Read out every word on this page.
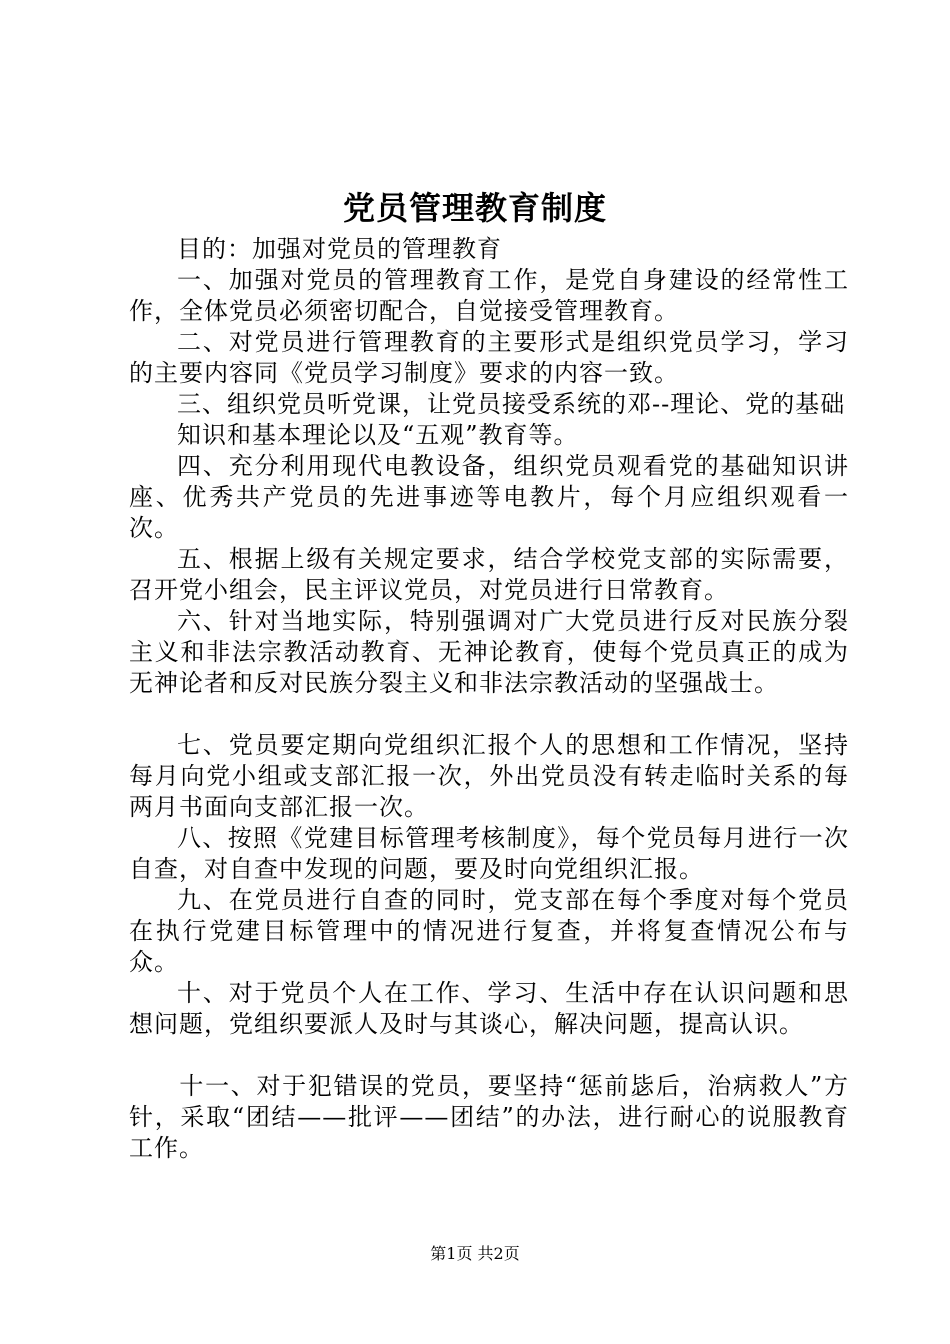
党员管理教育制度

目的：加强对党员的管理教育

一、加强对党员的管理教育工作，是党自身建设的经常性工作，全体党员必须密切配合，自觉接受管理教育。

二、对党员进行管理教育的主要形式是组织党员学习，学习的主要内容同《党员学习制度》要求的内容一致。

三、组织党员听党课，让党员接受系统的邓--理论、党的基础

知识和基本理论以及“五观”教育等。

四、充分利用现代电教设备，组织党员观看党的基础知识讲座、优秀共产党员的先进事迹等电教片，每个月应组织观看一次。

五、根据上级有关规定要求，结合学校党支部的实际需要，召开党小组会，民主评议党员，对党员进行日常教育。

六、针对当地实际，特别强调对广大党员进行反对民族分裂主义和非法宗教活动教育、无神论教育，使每个党员真正的成为无神论者和反对民族分裂主义和非法宗教活动的坚强战士。

七、党员要定期向党组织汇报个人的思想和工作情况，坚持每月向党小组或支部汇报一次，外出党员没有转走临时关系的每两月书面向支部汇报一次。

八、按照《党建目标管理考核制度》，每个党员每月进行一次自查，对自查中发现的问题，要及时向党组织汇报。

九、在党员进行自查的同时，党支部在每个季度对每个党员在执行党建目标管理中的情况进行复查，并将复查情况公布与众。

十、对于党员个人在工作、学习、生活中存在认识问题和思想问题，党组织要派人及时与其谈心，解决问题，提高认识。

十一、对于犯错误的党员，要坚持“惩前毖后，治病救人”方针，采取“团结——批评——团结”的办法，进行耐心的说服教育工作。

第1页 共2页
